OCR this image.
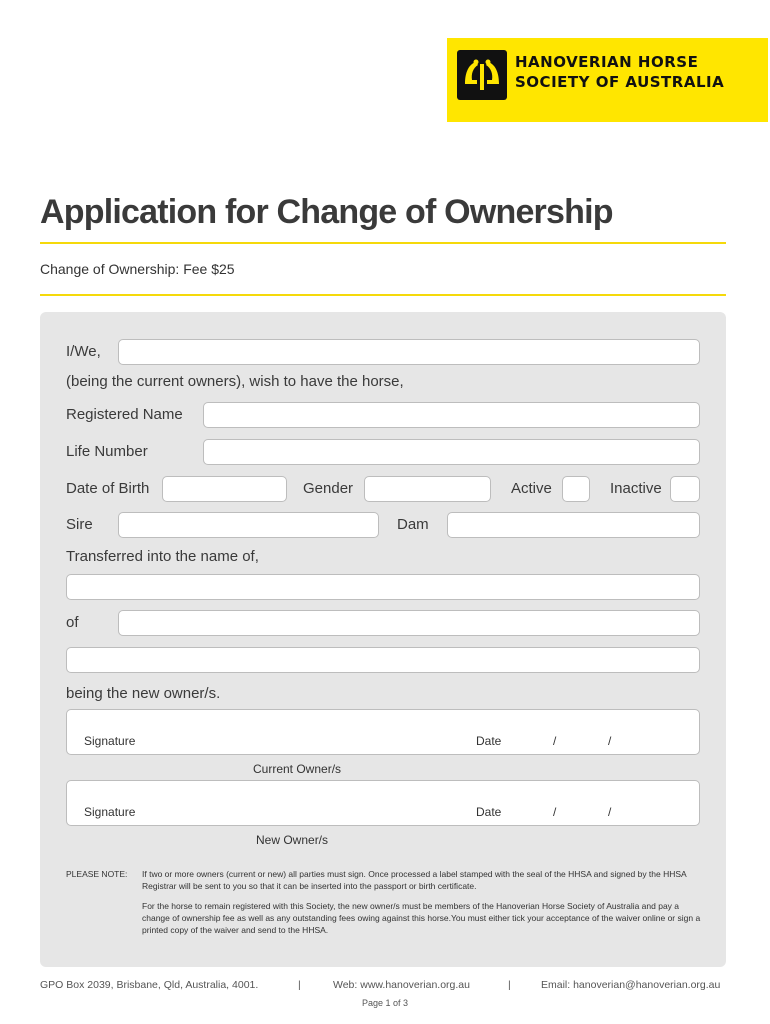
HANOVERIAN HORSE
SOCIETY OF AUSTRALIA
Application for Change of Ownership
Change of Ownership: Fee $25
I/We,
(being the current owners), wish to have the horse,
Registered Name
Life Number
Date of Birth	Gender	Active	Inactive
Sire	Dam
Transferred into the name of,
of
being the new owner/s.
Signature	Date	/	/
Current Owner/s
Signature	Date	/	/
New Owner/s
PLEASE NOTE: If two or more owners (current or new) all parties must sign. Once processed a label stamped with the seal of the HHSA and signed by the HHSA Registrar will be sent to you so that it can be inserted into the passport or birth certificate.
For the horse to remain registered with this Society, the new owner/s must be members of the Hanoverian Horse Society of Australia and pay a change of ownership fee as well as any outstanding fees owing against this horse.You must either tick your acceptance of the waiver online or sign a printed copy of the waiver and send to the HHSA.
GPO Box 2039, Brisbane, Qld, Australia, 4001.	|	Web: www.hanoverian.org.au	|	Email: hanoverian@hanoverian.org.au
Page 1 of 3
